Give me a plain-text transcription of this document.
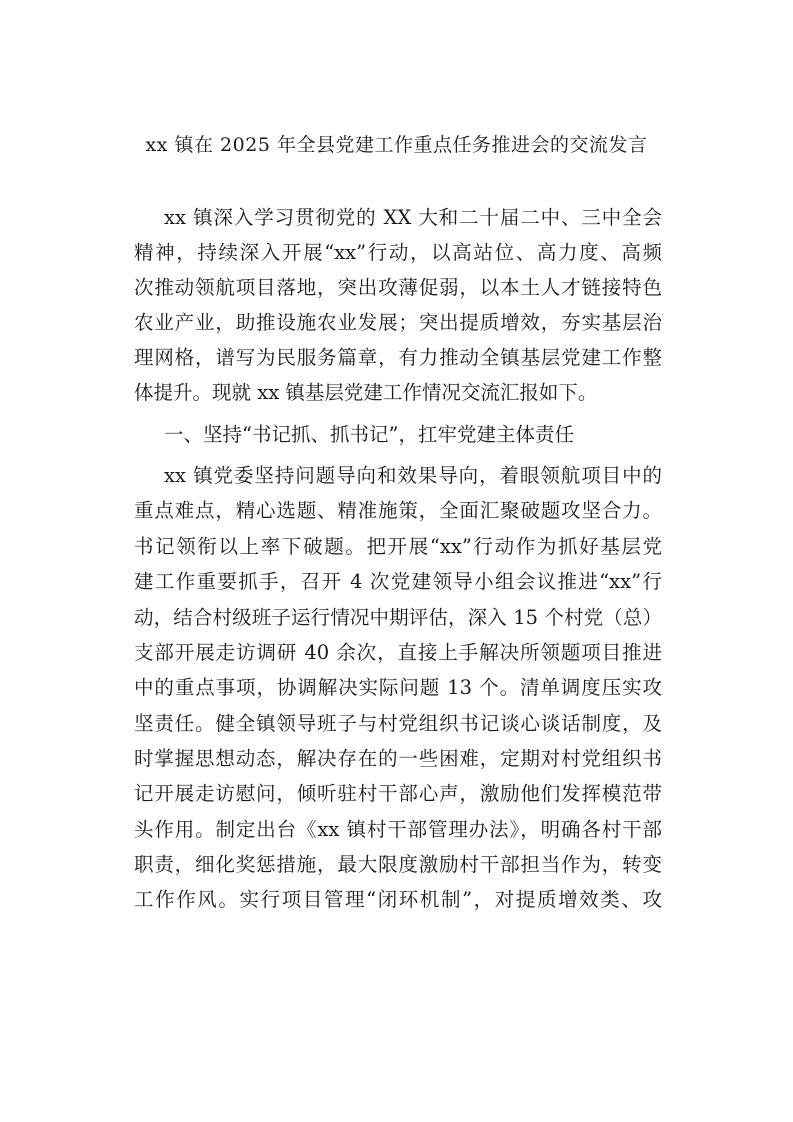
xx 镇在 2025 年全县党建工作重点任务推进会的交流发言
xx 镇深入学习贯彻党的 XX 大和二十届二中、三中全会
精神，持续深入开展“xx”行动，以高站位、高力度、高频
次推动领航项目落地，突出攻薄促弱，以本土人才链接特色
农业产业，助推设施农业发展；突出提质增效，夯实基层治
理网格，谱写为民服务篇章，有力推动全镇基层党建工作整
体提升。现就 xx 镇基层党建工作情况交流汇报如下。
一、坚持“书记抓、抓书记”，扛牢党建主体责任
xx 镇党委坚持问题导向和效果导向，着眼领航项目中的
重点难点，精心选题、精准施策，全面汇聚破题攻坚合力。
书记领衔以上率下破题。把开展“xx”行动作为抓好基层党
建工作重要抓手，召开 4 次党建领导小组会议推进“xx”行
动，结合村级班子运行情况中期评估，深入 15 个村党（总）
支部开展走访调研 40 余次，直接上手解决所领题项目推进
中的重点事项，协调解决实际问题 13 个。清单调度压实攻
坚责任。健全镇领导班子与村党组织书记谈心谈话制度，及
时掌握思想动态，解决存在的一些困难，定期对村党组织书
记开展走访慰问，倾听驻村干部心声，激励他们发挥模范带
头作用。制定出台《xx 镇村干部管理办法》，明确各村干部
职责，细化奖惩措施，最大限度激励村干部担当作为，转变
工作作风。实行项目管理“闭环机制”，对提质增效类、攻
